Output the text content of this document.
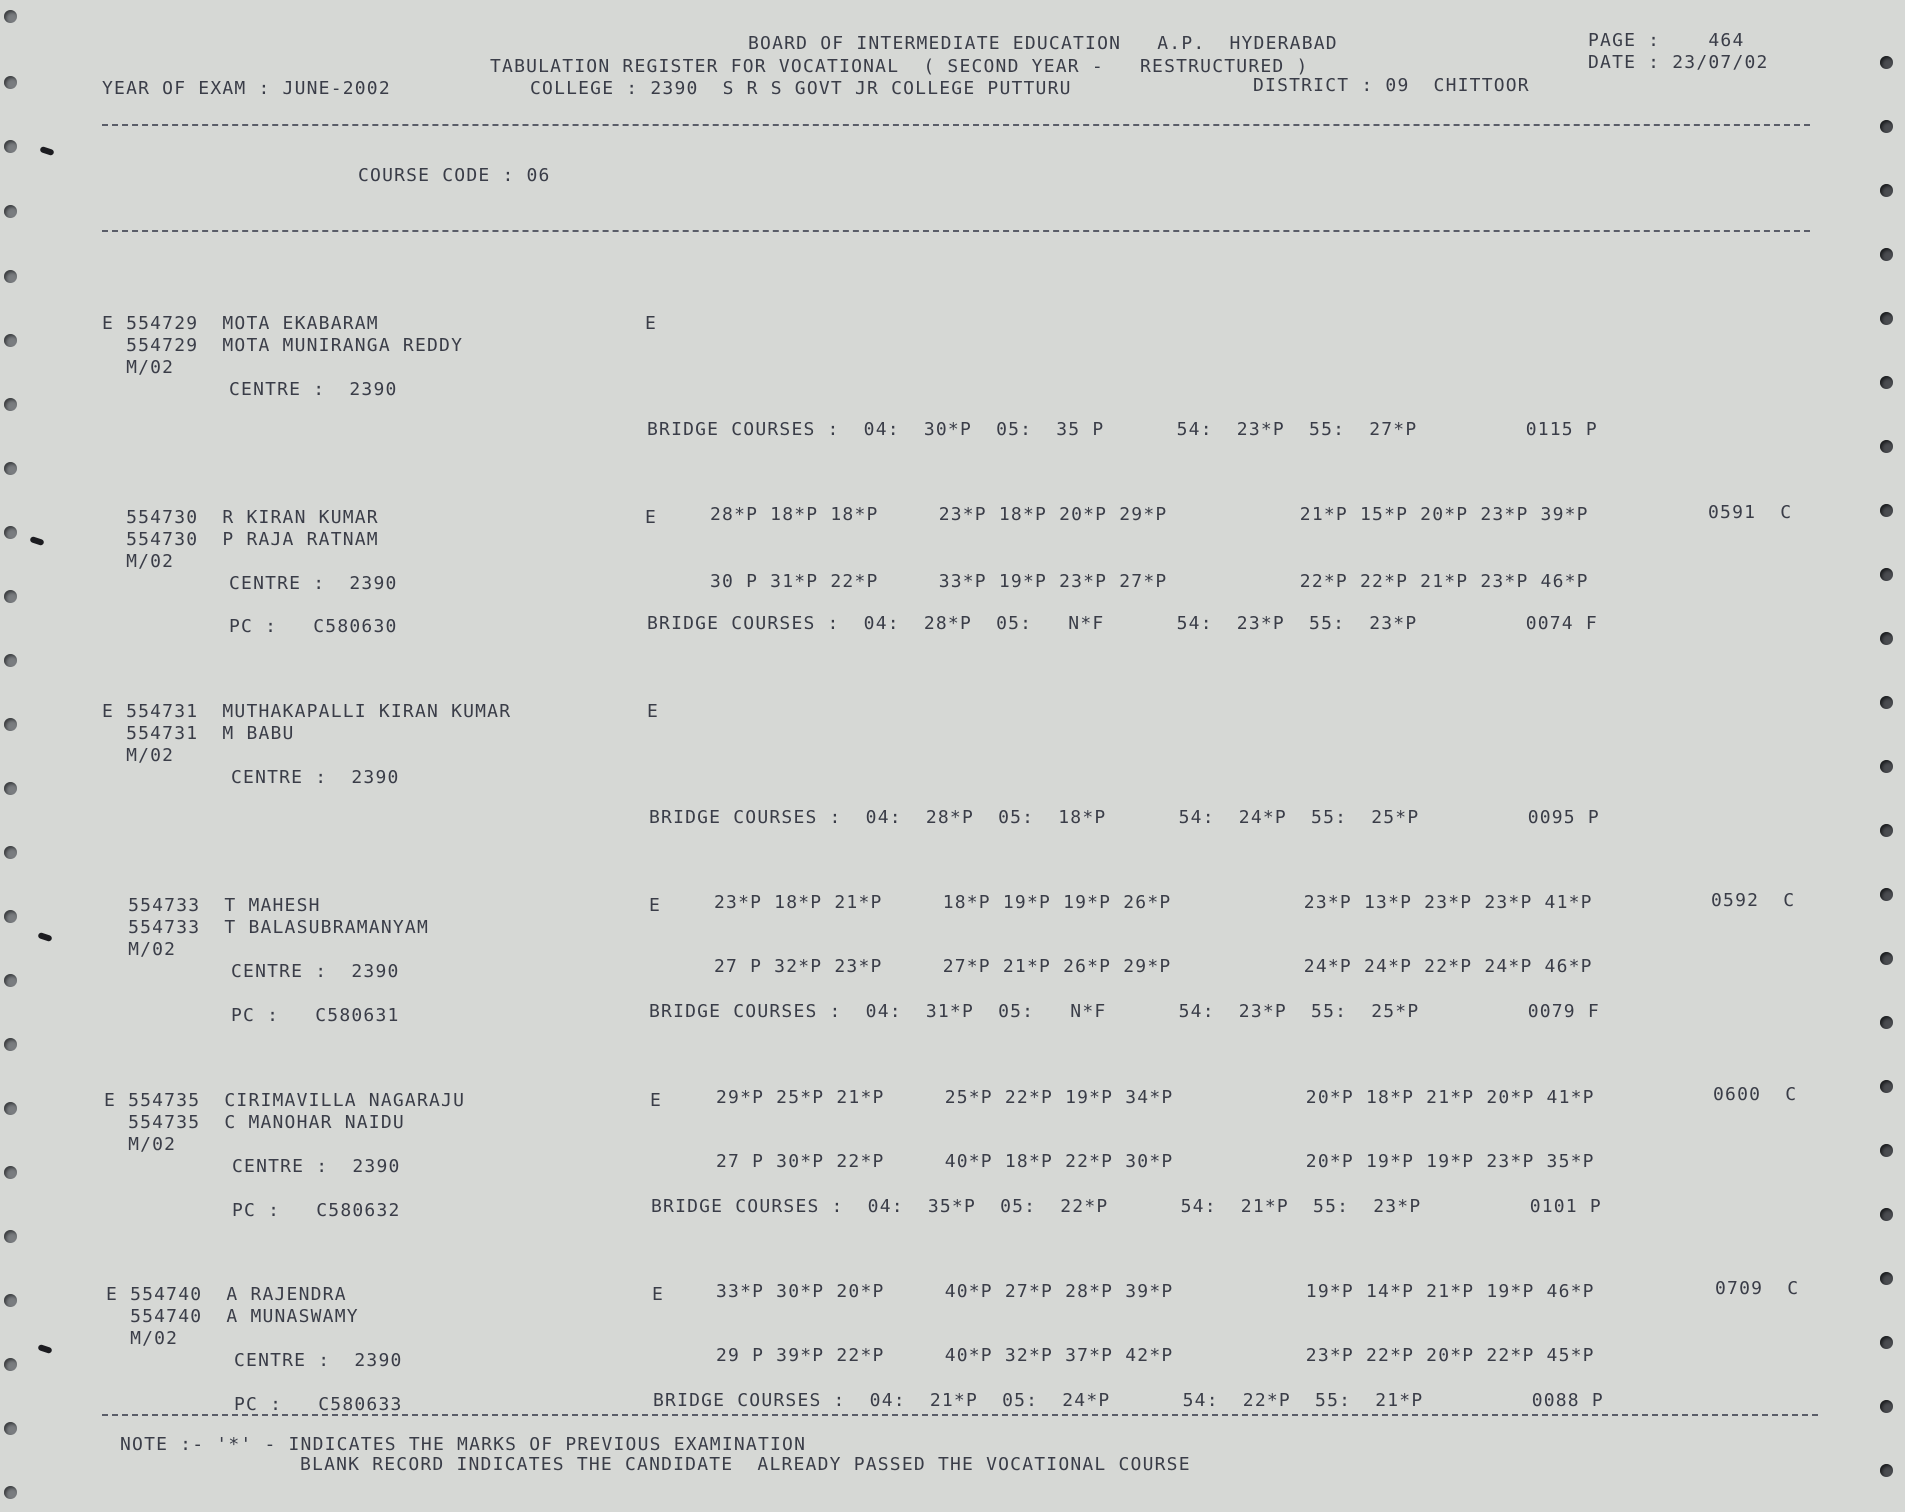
BOARD OF INTERMEDIATE EDUCATION   A.P.  HYDERABAD
TABULATION REGISTER FOR VOCATIONAL  ( SECOND YEAR -   RESTRUCTURED )
YEAR OF EXAM : JUNE-2002	COLLEGE : 2390  S R S GOVT JR COLLEGE PUTTURU	DISTRICT : 09  CHITTOOR
PAGE :    464
DATE : 23/07/02
COURSE CODE : 06
E 554729  MOTA EKABARAM
554729  MOTA MUNIRANGA REDDY
M/02
CENTRE :  2390
E
BRIDGE COURSES :  04:  30*P  05:  35 P      54:  23*P  55:  27*P         0115 P
554730  R KIRAN KUMAR
554730  P RAJA RATNAM
M/02
CENTRE :  2390
PC :   C580630
E	28*P 18*P 18*P     23*P 18*P 20*P 29*P           21*P 15*P 20*P 23*P 39*P
30 P 31*P 22*P     33*P 19*P 23*P 27*P           22*P 22*P 21*P 23*P 46*P
0591  C
BRIDGE COURSES :  04:  28*P  05:   N*F      54:  23*P  55:  23*P         0074 F
E 554731  MUTHAKAPALLI KIRAN KUMAR
554731  M BABU
M/02
CENTRE :  2390
E
BRIDGE COURSES :  04:  28*P  05:  18*P      54:  24*P  55:  25*P         0095 P
554733  T MAHESH
554733  T BALASUBRAMANYAM
M/02
CENTRE :  2390
PC :   C580631
E	23*P 18*P 21*P     18*P 19*P 19*P 26*P           23*P 13*P 23*P 23*P 41*P
27 P 32*P 23*P     27*P 21*P 26*P 29*P           24*P 24*P 22*P 24*P 46*P
0592  C
BRIDGE COURSES :  04:  31*P  05:   N*F      54:  23*P  55:  25*P         0079 F
E 554735  CIRIMAVILLA NAGARAJU
554735  C MANOHAR NAIDU
M/02
CENTRE :  2390
PC :   C580632
E	29*P 25*P 21*P     25*P 22*P 19*P 34*P           20*P 18*P 21*P 20*P 41*P
27 P 30*P 22*P     40*P 18*P 22*P 30*P           20*P 19*P 19*P 23*P 35*P
0600  C
BRIDGE COURSES :  04:  35*P  05:  22*P      54:  21*P  55:  23*P         0101 P
E 554740  A RAJENDRA
554740  A MUNASWAMY
M/02
CENTRE :  2390
PC :   C580633
E	33*P 30*P 20*P     40*P 27*P 28*P 39*P           19*P 14*P 21*P 19*P 46*P
29 P 39*P 22*P     40*P 32*P 37*P 42*P           23*P 22*P 20*P 22*P 45*P
0709  C
BRIDGE COURSES :  04:  21*P  05:  24*P      54:  22*P  55:  21*P         0088 P
NOTE :- '*' - INDICATES THE MARKS OF PREVIOUS EXAMINATION
BLANK RECORD INDICATES THE CANDIDATE  ALREADY PASSED THE VOCATIONAL COURSE
